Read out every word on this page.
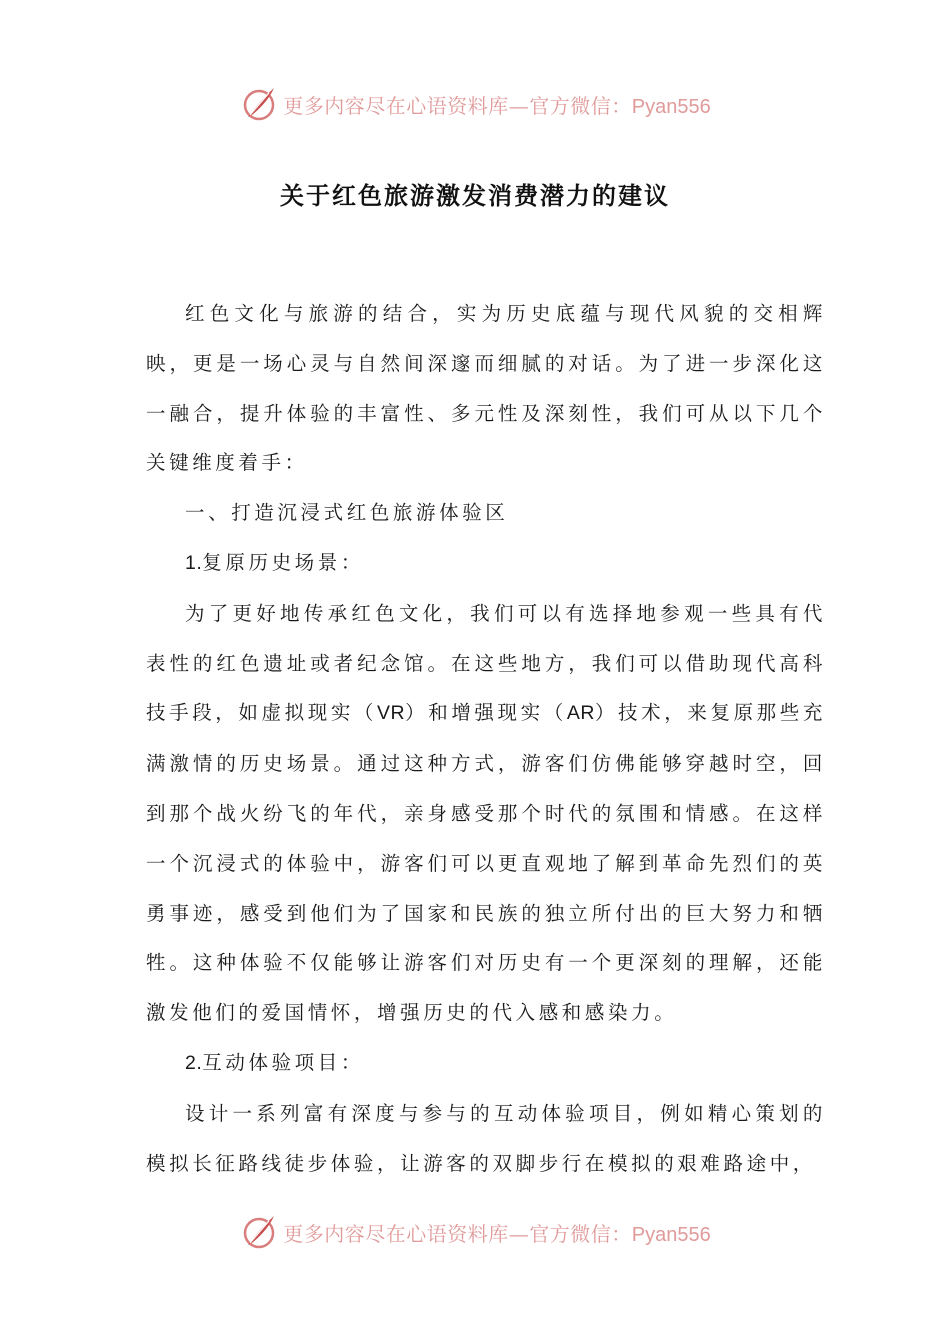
更多内容尽在心语资料库—官方微信：Pyan556
关于红色旅游激发消费潜力的建议

红色文化与旅游的结合，实为历史底蕴与现代风貌的交相辉映，更是一场心灵与自然间深邃而细腻的对话。为了进一步深化这一融合，提升体验的丰富性、多元性及深刻性，我们可从以下几个关键维度着手：

一、打造沉浸式红色旅游体验区

1.复原历史场景：

为了更好地传承红色文化，我们可以有选择地参观一些具有代表性的红色遗址或者纪念馆。在这些地方，我们可以借助现代高科技手段，如虚拟现实（VR）和增强现实（AR）技术，来复原那些充满激情的历史场景。通过这种方式，游客们仿佛能够穿越时空，回到那个战火纷飞的年代，亲身感受那个时代的氛围和情感。在这样一个沉浸式的体验中，游客们可以更直观地了解到革命先烈们的英勇事迹，感受到他们为了国家和民族的独立所付出的巨大努力和牺牲。这种体验不仅能够让游客们对历史有一个更深刻的理解，还能激发他们的爱国情怀，增强历史的代入感和感染力。

2.互动体验项目：

设计一系列富有深度与参与的互动体验项目，例如精心策划的模拟长征路线徒步体验，让游客的双脚步行在模拟的艰难路途中，

更多内容尽在心语资料库—官方微信：Pyan556
